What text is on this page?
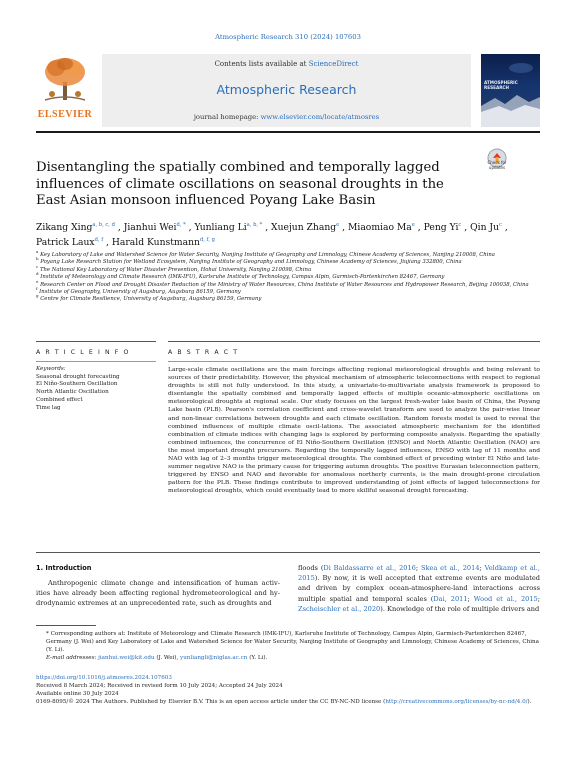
Atmospheric Research 310 (2024) 107603
ELSEVIER
Contents lists available at ScienceDirect
Atmospheric Research
journal homepage: www.elsevier.com/locate/atmosres
ATMOSPHERIC RESEARCH
Disentangling the spatially combined and temporally lagged influences of climate oscillations on seasonal droughts in the East Asian monsoon influenced Poyang Lake Basin
Check for updates
Zikang Xing$^{a, b, c, d}$ , Jianhui Wei$^{d, *}$ , Yunliang $Li^{a, b, *}$ , Xuejun Zhang$^e$ , Miaomiao Ma$^e$ , Peng Yi$^c$ , Qin Ju$^c$ , Patrick Laux$^{d, f}$ , Harald Kunstmann$^{d, f, g}$
$^a$ Key Laboratory of Lake and Watershed Science for Water Security, Nanjing Institute of Geography and Limnology, Chinese Academy of Sciences, Nanjing 210008, China
$^b$ Poyang Lake Research Station for Wetland Ecosystem, Nanjing Institute of Geography and Limnology, Chinese Academy of Sciences, Jiujiang 332800, China
$^c$ The National Key Laboratory of Water Disaster Prevention, Hohai University, Nanjing 210098, China
$^d$ Institute of Meteorology and Climate Research (IMK-IFU), Karlsruhe Institute of Technology, Campus Alpin, Garmisch-Partenkirchen 82467, Germany
$^e$ Research Center on Flood and Drought Disaster Reduction of the Ministry of Water Resources, China Institute of Water Resources and Hydropower Research, Beijing 100038, China
$^f$ Institute of Geography, University of Augsburg, Augsburg 86159, Germany
$^g$ Centre for Climate Resilience, University of Augsburg, Augsburg 86159, Germany
A R T I C L E I N F O	A B S T R A C T
Keywords:
Seasonal drought forecasting
El Niño-Southern Oscillation
North Atlantic Oscillation
Combined effect
Time lag
Large-scale climate oscillations are the main forcings affecting regional meteorological droughts and being relevant to sources of their predictability. However, the physical mechanism of atmospheric teleconnections with respect to regional droughts is still not fully understood. In this study, a univariate-to-multivariate analysis framework is proposed to disentangle the spatially combined and temporally lagged effects of multiple oceanic-atmospheric oscillations on meteorological droughts at regional scale. Our study focuses on the largest fresh-water lake basin of China, the Poyang Lake basin (PLB). Pearson's correlation coefficient and cross-wavelet transform are used to analyze the pair-wise linear and non-linear correlations between droughts and each climate oscillation. Random forests model is used to reveal the combined influences of multiple climate oscil-lations. The associated atmospheric mechanism for the identified combination of climate indices with changing lags is explored by performing composite analysis. Regarding the spatially combined influences, the concurrence of El Niño-Southern Oscillation (ENSO) and North Atlantic Oscillation (NAO) are the most important drought precursors. Regarding the temporally lagged influences, ENSO with lag of 11 months and NAO with lag of 2–3 months trigger meteorological droughts. The combined effect of preceding winter El Niño and late-summer negative NAO is the primary cause for triggering autumn droughts. The positive Eurasian teleconnection pattern, triggered by ENSO and NAO and favorable for anomalous northerly currents, is the main drought-prone circulation pattern for the PLB. These findings contribute to improved understanding of joint effects of lagged teleconnections for meteorological droughts, which could eventually lead to more skillful seasonal drought forecasting.
1. Introduction
Anthropogenic climate change and intensification of human activ-ities have already been affecting regional hydrometeorological and hy-drodynamic extremes at an unprecedented rate, such as droughts and
floods (Di Baldassarre et al., 2016; Skea et al., 2014; Veldkamp et al., 2015). By now, it is well accepted that extreme events are modulated and driven by complex ocean-atmosphere-land interactions across multiple spatial and temporal scales (Dai, 2011; Wood et al., 2015; Zscheischler et al., 2020). Knowledge of the role of multiple drivers and
* Corresponding authors at: Institute of Meteorology and Climate Research (IMK-IFU), Karlsruhe Institute of Technology, Campus Alpin, Garmisch-Partenkirchen 82467, Germany (J. Wei) and Key Laboratory of Lake and Watershed Science for Water Security, Nanjing Institute of Geography and Limnology, Chinese Academy of Sciences, China (Y. Li).
E-mail addresses: jianhui.wei@kit.edu (J. Wei), yunliangli@niglas.ac.cn (Y. Li).
https://doi.org/10.1016/j.atmosres.2024.107603
Received 8 March 2024; Received in revised form 10 July 2024; Accepted 24 July 2024
Available online 30 July 2024
0169-8095/© 2024 The Authors. Published by Elsevier B.V. This is an open access article under the CC BY-NC-ND license (http://creativecommons.org/licenses/by-nc-nd/4.0/).
